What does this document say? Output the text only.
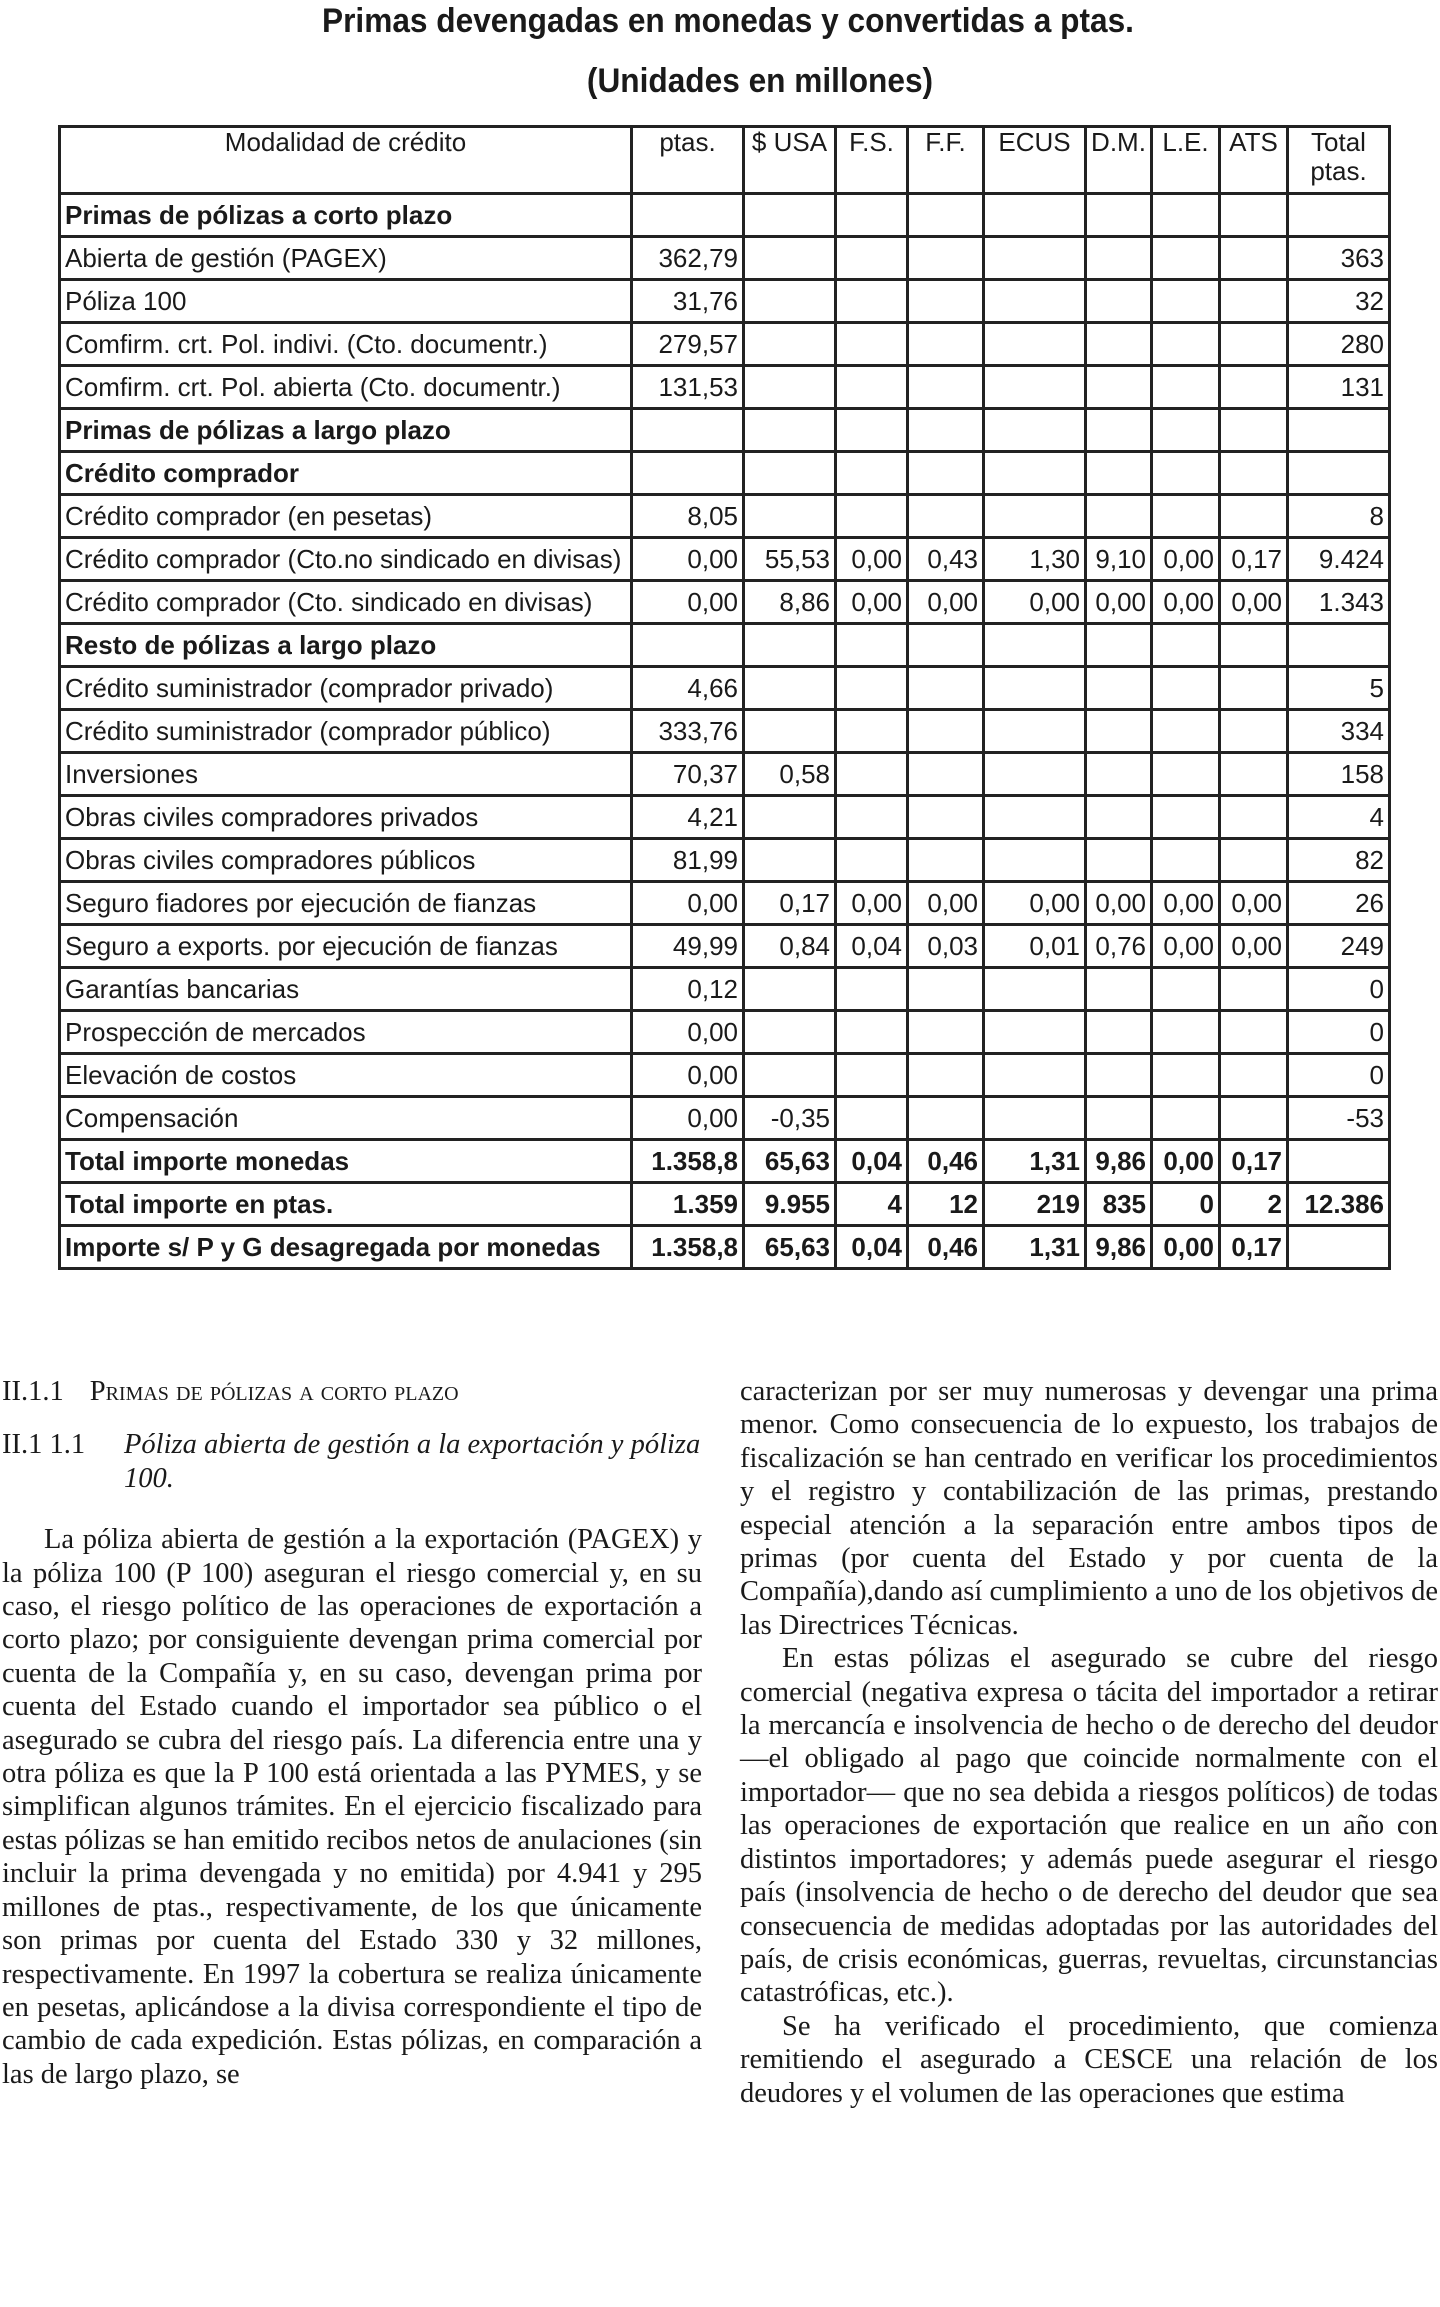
Primas devengadas en monedas y convertidas a ptas.
(Unidades en millones)
Modalidad de crédito	ptas.	$ USA	F.S.	F.F.	ECUS	D.M.	L.E.	ATS	Total ptas.
Primas de pólizas a corto plazo									
Abierta de gestión (PAGEX)	362,79								363
Póliza 100	31,76								32
Comfirm. crt. Pol. indivi. (Cto. documentr.)	279,57								280
Comfirm. crt. Pol. abierta (Cto. documentr.)	131,53								131
Primas de pólizas a largo plazo									
Crédito comprador									
Crédito comprador (en pesetas)	8,05								8
Crédito comprador (Cto.no sindicado en divisas)	0,00	55,53	0,00	0,43	1,30	9,10	0,00	0,17	9.424
Crédito comprador (Cto. sindicado en divisas)	0,00	8,86	0,00	0,00	0,00	0,00	0,00	0,00	1.343
Resto de pólizas a largo plazo									
Crédito suministrador (comprador privado)	4,66								5
Crédito suministrador (comprador público)	333,76								334
Inversiones	70,37	0,58							158
Obras civiles compradores privados	4,21								4
Obras civiles compradores públicos	81,99								82
Seguro fiadores por ejecución de fianzas	0,00	0,17	0,00	0,00	0,00	0,00	0,00	0,00	26
Seguro a exports. por ejecución de fianzas	49,99	0,84	0,04	0,03	0,01	0,76	0,00	0,00	249
Garantías bancarias	0,12								0
Prospección de mercados	0,00								0
Elevación de costos	0,00								0
Compensación	0,00	-0,35							-53
Total importe monedas	1.358,8	65,63	0,04	0,46	1,31	9,86	0,00	0,17	
Total importe en ptas.	1.359	9.955	4	12	219	835	0	2	12.386
Importe s/ P y G desagregada por monedas	1.358,8	65,63	0,04	0,46	1,31	9,86	0,00	0,17	

II.1.1 Primas de pólizas a corto plazo

II.1 1.1	Póliza abierta de gestión a la exportación y póliza 100.

La póliza abierta de gestión a la exportación (PAGEX) y la póliza 100 (P 100) aseguran el riesgo comercial y, en su caso, el riesgo político de las operaciones de exportación a corto plazo; por consiguiente devengan prima comercial por cuenta de la Compañía y, en su caso, devengan prima por cuenta del Estado cuando el importador sea público o el asegurado se cubra del riesgo país. La diferencia entre una y otra póliza es que la P 100 está orientada a las PYMES, y se simplifican algunos trámites. En el ejercicio fiscalizado para estas pólizas se han emitido recibos netos de anulaciones (sin incluir la prima devengada y no emitida) por 4.941 y 295 millones de ptas., respectivamente, de los que únicamente son primas por cuenta del Estado 330 y 32 millones, respectivamente. En 1997 la cobertura se realiza únicamente en pesetas, aplicándose a la divisa correspondiente el tipo de cambio de cada expedición. Estas pólizas, en comparación a las de largo plazo, se

caracterizan por ser muy numerosas y devengar una prima menor. Como consecuencia de lo expuesto, los trabajos de fiscalización se han centrado en verificar los procedimientos y el registro y contabilización de las primas, prestando especial atención a la separación entre ambos tipos de primas (por cuenta del Estado y por cuenta de la Compañía),dando así cumplimiento a uno de los objetivos de las Directrices Técnicas.

En estas pólizas el asegurado se cubre del riesgo comercial (negativa expresa o tácita del importador a retirar la mercancía e insolvencia de hecho o de derecho del deudor —el obligado al pago que coincide normalmente con el importador— que no sea debida a riesgos políticos) de todas las operaciones de exportación que realice en un año con distintos importadores; y además puede asegurar el riesgo país (insolvencia de hecho o de derecho del deudor que sea consecuencia de medidas adoptadas por las autoridades del país, de crisis económicas, guerras, revueltas, circunstancias catastróficas, etc.).

Se ha verificado el procedimiento, que comienza remitiendo el asegurado a CESCE una relación de los deudores y el volumen de las operaciones que estima
